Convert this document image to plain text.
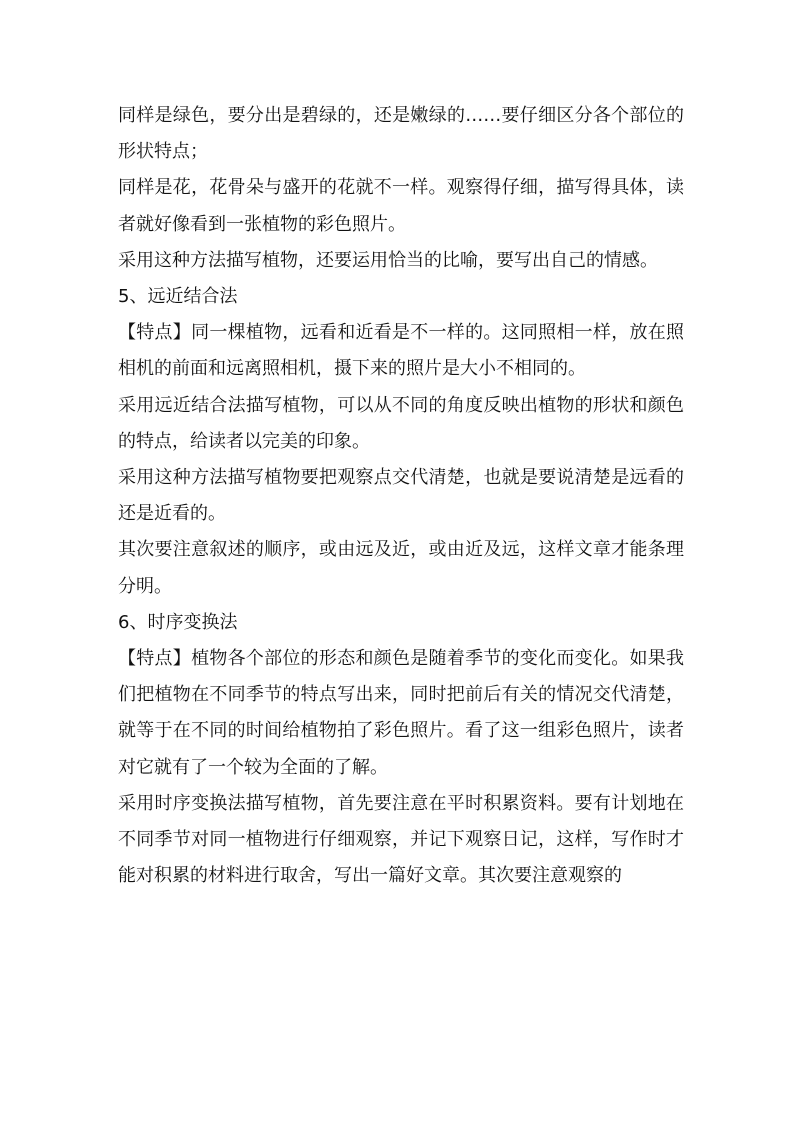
同样是绿色，要分出是碧绿的，还是嫩绿的……要仔细区分各个部位的形状特点；

同样是花，花骨朵与盛开的花就不一样。观察得仔细，描写得具体，读者就好像看到一张植物的彩色照片。

采用这种方法描写植物，还要运用恰当的比喻，要写出自己的情感。

5、远近结合法

【特点】同一棵植物，远看和近看是不一样的。这同照相一样，放在照相机的前面和远离照相机，摄下来的照片是大小不相同的。

采用远近结合法描写植物，可以从不同的角度反映出植物的形状和颜色的特点，给读者以完美的印象。

采用这种方法描写植物要把观察点交代清楚，也就是要说清楚是远看的还是近看的。

其次要注意叙述的顺序，或由远及近，或由近及远，这样文章才能条理分明。

6、时序变换法

【特点】植物各个部位的形态和颜色是随着季节的变化而变化。如果我们把植物在不同季节的特点写出来，同时把前后有关的情况交代清楚，就等于在不同的时间给植物拍了彩色照片。看了这一组彩色照片，读者对它就有了一个较为全面的了解。

采用时序变换法描写植物，首先要注意在平时积累资料。要有计划地在不同季节对同一植物进行仔细观察，并记下观察日记，这样，写作时才能对积累的材料进行取舍，写出一篇好文章。其次要注意观察的
